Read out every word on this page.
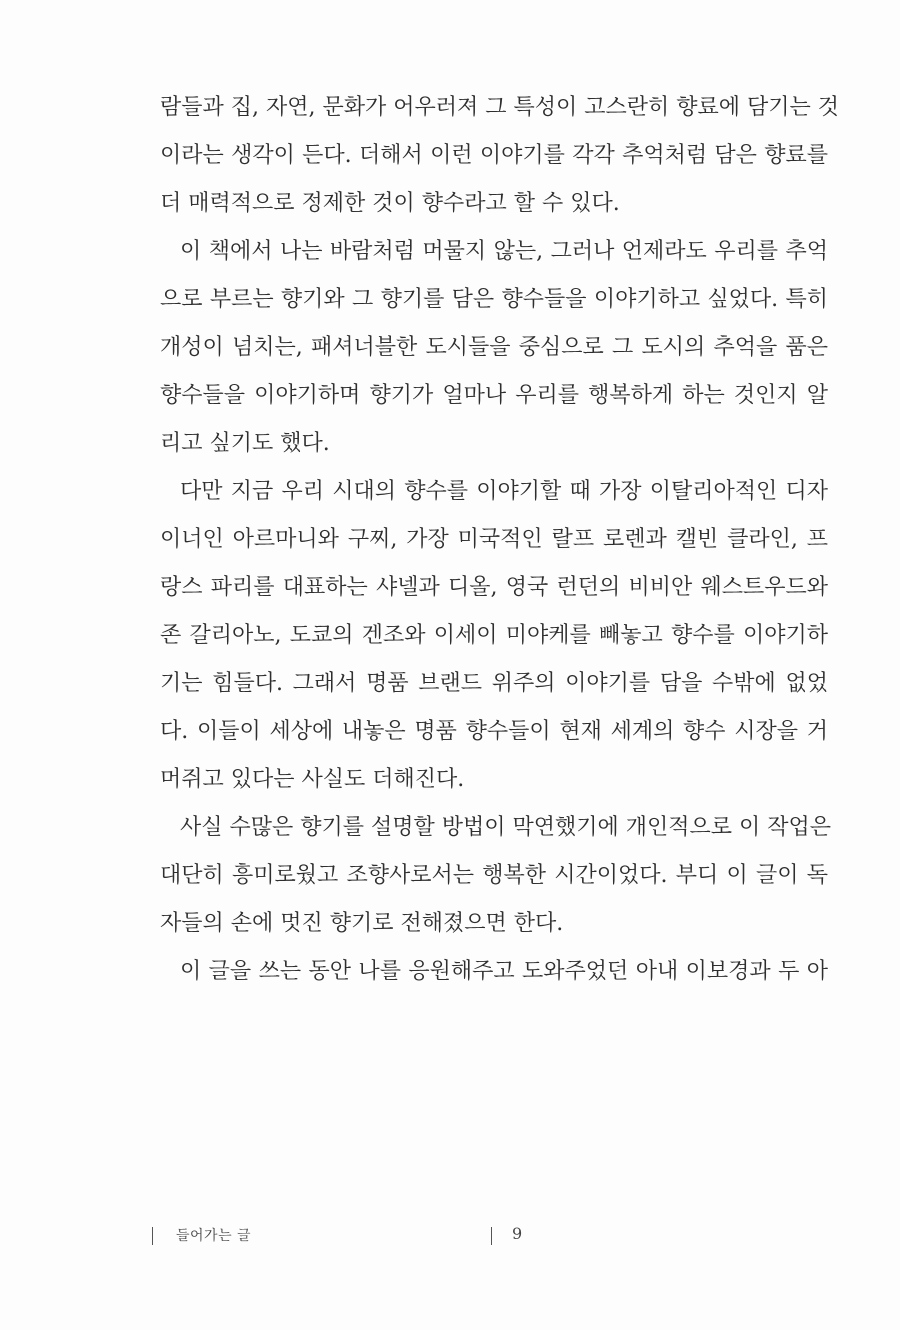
람들과 집, 자연, 문화가 어우러져 그 특성이 고스란히 향료에 담기는 것
이라는 생각이 든다. 더해서 이런 이야기를 각각 추억처럼 담은 향료를
더 매력적으로 정제한 것이 향수라고 할 수 있다.
이 책에서 나는 바람처럼 머물지 않는, 그러나 언제라도 우리를 추억
으로 부르는 향기와 그 향기를 담은 향수들을 이야기하고 싶었다. 특히
개성이 넘치는, 패셔너블한 도시들을 중심으로 그 도시의 추억을 품은
향수들을 이야기하며 향기가 얼마나 우리를 행복하게 하는 것인지 알
리고 싶기도 했다.
다만 지금 우리 시대의 향수를 이야기할 때 가장 이탈리아적인 디자
이너인 아르마니와 구찌, 가장 미국적인 랄프 로렌과 캘빈 클라인, 프
랑스 파리를 대표하는 샤넬과 디올, 영국 런던의 비비안 웨스트우드와
존 갈리아노, 도쿄의 겐조와 이세이 미야케를 빼놓고 향수를 이야기하
기는 힘들다. 그래서 명품 브랜드 위주의 이야기를 담을 수밖에 없었
다. 이들이 세상에 내놓은 명품 향수들이 현재 세계의 향수 시장을 거
머쥐고 있다는 사실도 더해진다.
사실 수많은 향기를 설명할 방법이 막연했기에 개인적으로 이 작업은
대단히 흥미로웠고 조향사로서는 행복한 시간이었다. 부디 이 글이 독
자들의 손에 멋진 향기로 전해졌으면 한다.
이 글을 쓰는 동안 나를 응원해주고 도와주었던 아내 이보경과 두 아
들어가는 글	9
